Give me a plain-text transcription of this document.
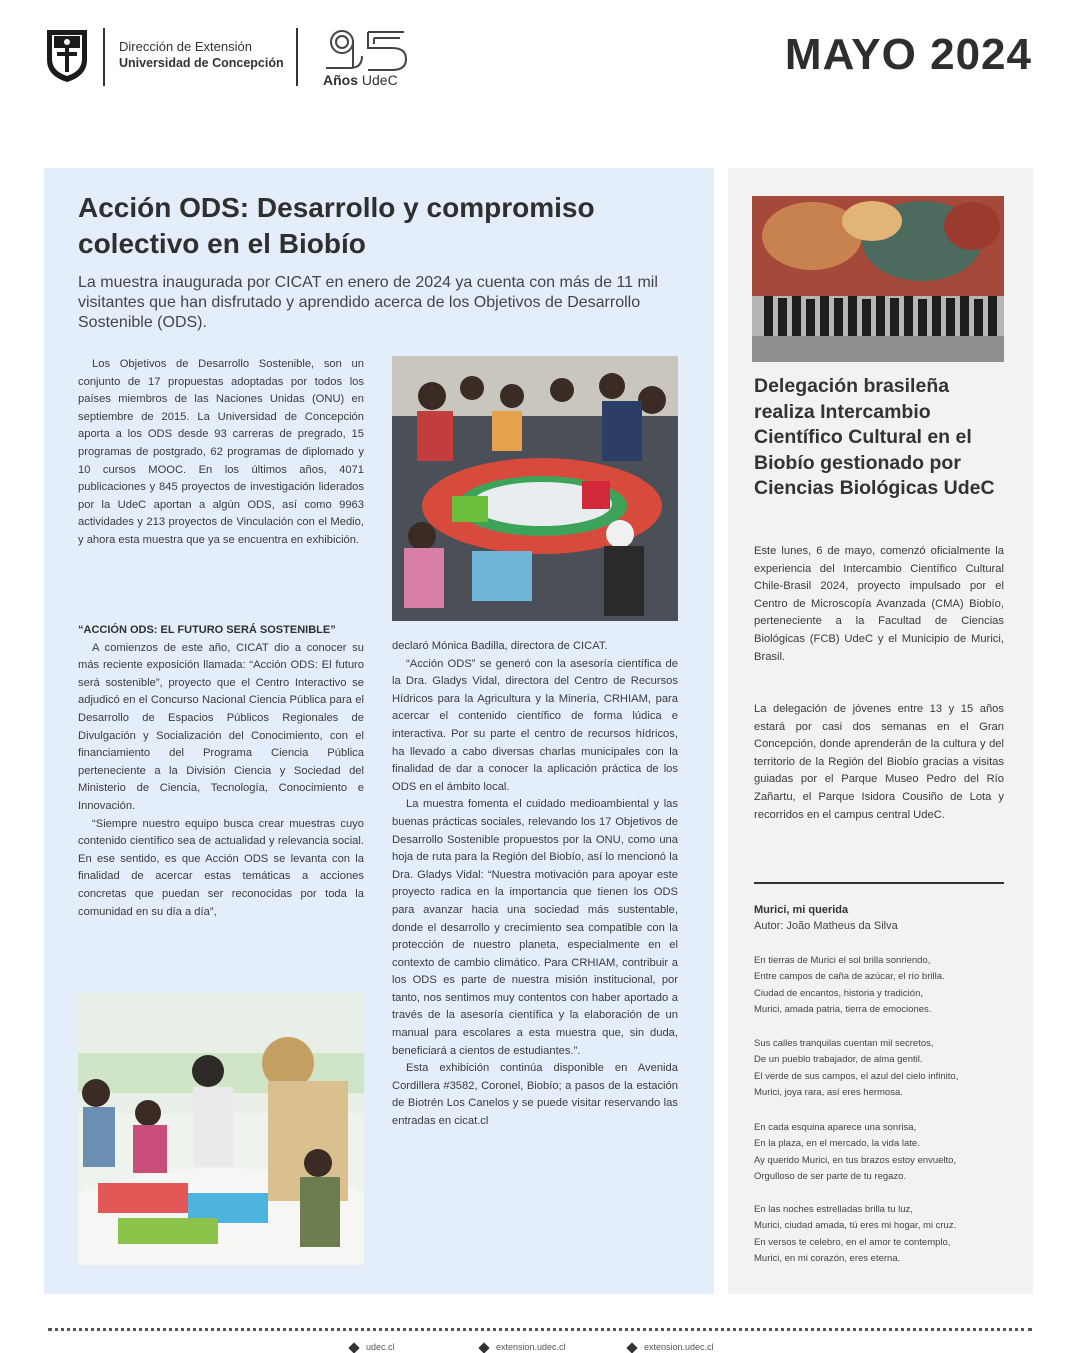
Dirección de Extensión
Universidad de Concepción
Años UdeC
MAYO 2024
Acción ODS: Desarrollo y compromiso colectivo en el Biobío

La muestra inaugurada por CICAT en enero de 2024 ya cuenta con más de 11 mil visitantes que han disfrutado y aprendido acerca de los Objetivos de Desarrollo Sostenible (ODS).

Los Objetivos de Desarrollo Sostenible, son un conjunto de 17 propuestas adoptadas por todos los países miembros de las Naciones Unidas (ONU) en septiembre de 2015. La Universidad de Concepción aporta a los ODS desde 93 carreras de pregrado, 15 programas de postgrado, 62 programas de diplomado y 10 cursos MOOC. En los últimos años, 4071 publicaciones y 845 proyectos de investigación liderados por la UdeC aportan a algún ODS, así como 9963 actividades y 213 proyectos de Vinculación con el Medio, y ahora esta muestra que ya se encuentra en exhibición.

“ACCIÓN ODS: EL FUTURO SERÁ SOSTENIBLE”

A comienzos de este año, CICAT dio a conocer su más reciente exposición llamada: “Acción ODS: El futuro será sostenible”, proyecto que el Centro Interactivo se adjudicó en el Concurso Nacional Ciencia Pública para el Desarrollo de Espacios Públicos Regionales de Divulgación y Socialización del Conocimiento, con el financiamiento del Programa Ciencia Pública perteneciente a la División Ciencia y Sociedad del Ministerio de Ciencia, Tecnología, Conocimiento e Innovación.

“Siempre nuestro equipo busca crear muestras cuyo contenido científico sea de actualidad y relevancia social. En ese sentido, es que Acción ODS se levanta con la finalidad de acercar estas temáticas a acciones concretas que puedan ser reconocidas por toda la comunidad en su día a día”,

declaró Mónica Badilla, directora de CICAT.

“Acción ODS” se generó con la asesoría científica de la Dra. Gladys Vidal, directora del Centro de Recursos Hídricos para la Agricultura y la Minería, CRHIAM, para acercar el contenido científico de forma lúdica e interactiva. Por su parte el centro de recursos hídricos, ha llevado a cabo diversas charlas municipales con la finalidad de dar a conocer la aplicación práctica de los ODS en el ámbito local.

La muestra fomenta el cuidado medioambiental y las buenas prácticas sociales, relevando los 17 Objetivos de Desarrollo Sostenible propuestos por la ONU, como una hoja de ruta para la Región del Biobío, así lo mencionó la Dra. Gladys Vidal: “Nuestra motivación para apoyar este proyecto radica en la importancia que tienen los ODS para avanzar hacia una sociedad más sustentable, donde el desarrollo y crecimiento sea compatible con la protección de nuestro planeta, especialmente en el contexto de cambio climático. Para CRHIAM, contribuir a los ODS es parte de nuestra misión institucional, por tanto, nos sentimos muy contentos con haber aportado a través de la asesoría científica y la elaboración de un manual para escolares a esta muestra que, sin duda, beneficiará a cientos de estudiantes.”.

Esta exhibición continúa disponible en Avenida Cordillera #3582, Coronel, Biobío; a pasos de la estación de Biotrén Los Canelos y se puede visitar reservando las entradas en cicat.cl

Delegación brasileña realiza Intercambio Científico Cultural en el Biobío gestionado por Ciencias Biológicas UdeC

Este lunes, 6 de mayo, comenzó oficialmente la experiencia del Intercambio Científico Cultural Chile-Brasil 2024, proyecto impulsado por el Centro de Microscopía Avanzada (CMA) Biobío, perteneciente a la Facultad de Ciencias Biológicas (FCB) UdeC y el Municipio de Murici, Brasil.

La delegación de jóvenes entre 13 y 15 años estará por casi dos semanas en el Gran Concepción, donde aprenderán de la cultura y del territorio de la Región del Biobío gracias a visitas guiadas por el Parque Museo Pedro del Río Zañartu, el Parque Isidora Cousiño de Lota y recorridos en el campus central UdeC.

Murici, mi querida
Autor: João Matheus da Silva
En tierras de Murici el sol brilla sonriendo,
Entre campos de caña de azúcar, el río brilla.
Ciudad de encantos, historia y tradición,
Murici, amada patria, tierra de emociones.
Sus calles tranquilas cuentan mil secretos,
De un pueblo trabajador, de alma gentil.
El verde de sus campos, el azul del cielo infinito,
Murici, joya rara, así eres hermosa.
En cada esquina aparece una sonrisa,
En la plaza, en el mercado, la vida late.
Ay querido Murici, en tus brazos estoy envuelto,
Orgulloso de ser parte de tu regazo.
En las noches estrelladas brilla tu luz,
Murici, ciudad amada, tú eres mi hogar, mi cruz.
En versos te celebro, en el amor te contemplo,
Murici, en mi corazón, eres eterna.
udec.cl	extension.udec.cl	extension.udec.cl
